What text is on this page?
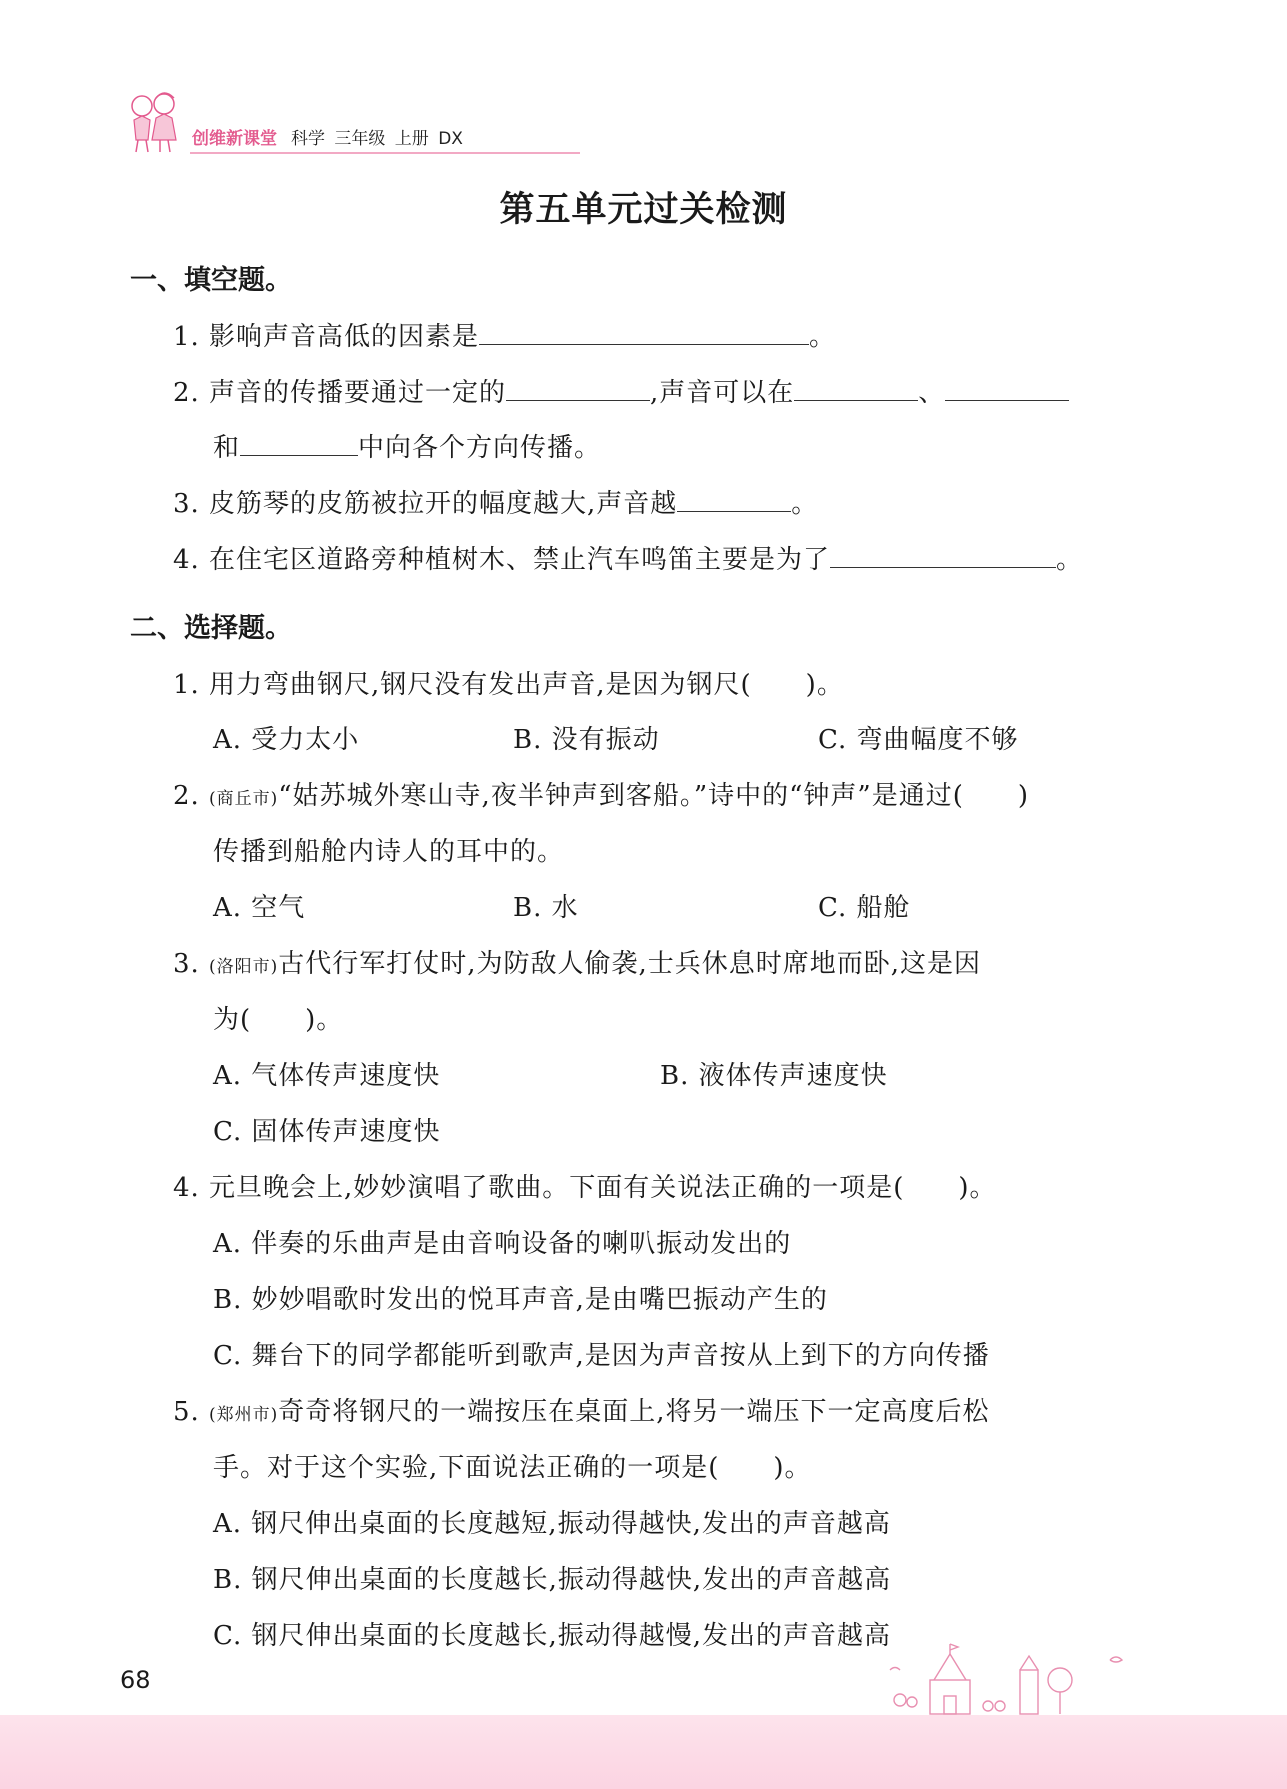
创维新课堂 科学 三年级 上册 DX
第五单元过关检测
一、填空题。
1. 影响声音高低的因素是	。
2. 声音的传播要通过一定的	,声音可以在	、
和	中向各个方向传播。
3. 皮筋琴的皮筋被拉开的幅度越大,声音越	。
4. 在住宅区道路旁种植树木、禁止汽车鸣笛主要是为了	。
二、选择题。
1. 用力弯曲钢尺,钢尺没有发出声音,是因为钢尺(　　)。
A. 受力太小	B. 没有振动	C. 弯曲幅度不够
2. (商丘市)“姑苏城外寒山寺,夜半钟声到客船。”诗中的“钟声”是通过(　　)
传播到船舱内诗人的耳中的。
A. 空气	B. 水	C. 船舱
3. (洛阳市)古代行军打仗时,为防敌人偷袭,士兵休息时席地而卧,这是因
为(　　)。
A. 气体传声速度快	B. 液体传声速度快
C. 固体传声速度快
4. 元旦晚会上,妙妙演唱了歌曲。下面有关说法正确的一项是(　　)。
A. 伴奏的乐曲声是由音响设备的喇叭振动发出的
B. 妙妙唱歌时发出的悦耳声音,是由嘴巴振动产生的
C. 舞台下的同学都能听到歌声,是因为声音按从上到下的方向传播
5. (郑州市)奇奇将钢尺的一端按压在桌面上,将另一端压下一定高度后松
手。对于这个实验,下面说法正确的一项是(　　)。
A. 钢尺伸出桌面的长度越短,振动得越快,发出的声音越高
B. 钢尺伸出桌面的长度越长,振动得越快,发出的声音越高
C. 钢尺伸出桌面的长度越长,振动得越慢,发出的声音越高
68
